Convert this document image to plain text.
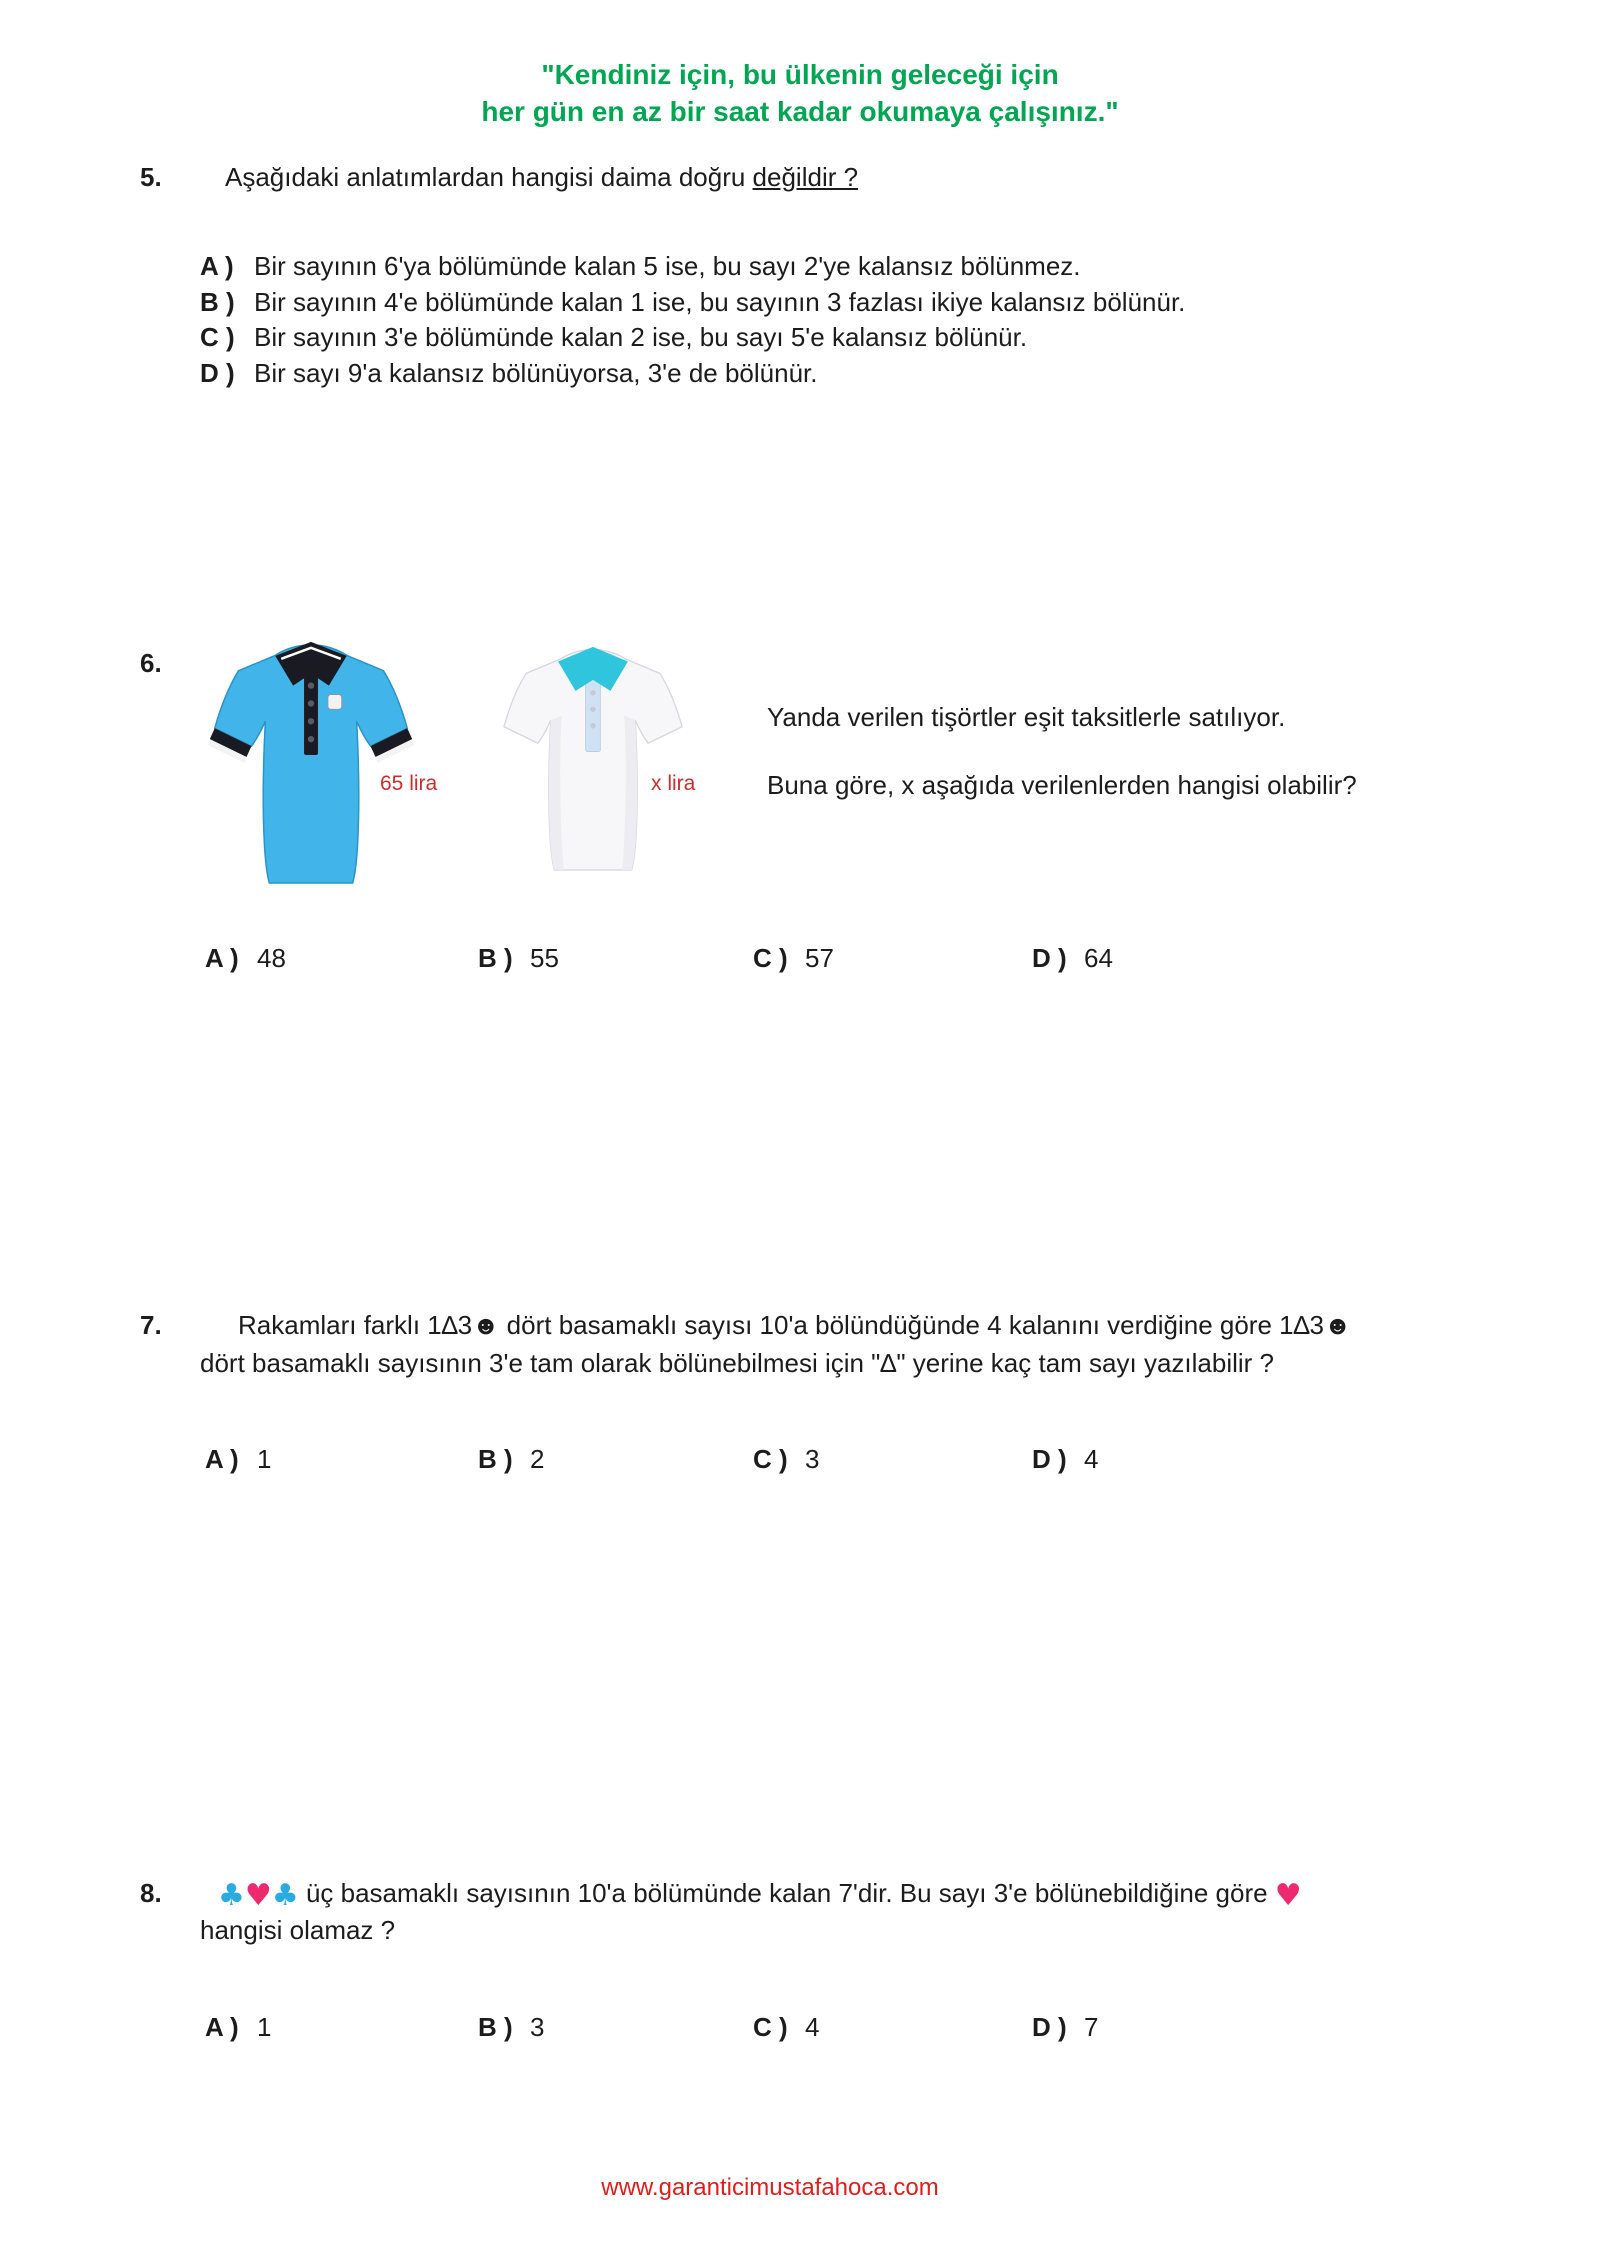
"Kendiniz için, bu ülkenin geleceği için
her gün en az bir saat kadar okumaya çalışınız."
5. Aşağıdaki anlatımlardan hangisi daima doğru değildir ?
A ) Bir sayının 6'ya bölümünde kalan 5 ise, bu sayı 2'ye kalansız bölünmez.
B ) Bir sayının 4'e bölümünde kalan 1 ise, bu sayının 3 fazlası ikiye kalansız bölünür.
C ) Bir sayının 3'e bölümünde kalan 2 ise, bu sayı 5'e kalansız bölünür.
D ) Bir sayı 9'a kalansız bölünüyorsa, 3'e de bölünür.
6.
65 lira	x lira
Yanda verilen tişörtler eşit taksitlerle satılıyor.
Buna göre, x aşağıda verilenlerden hangisi olabilir?
A ) 48	B ) 55	C ) 57	D ) 64
7.	Rakamları farklı 1∆3☻ dört basamaklı sayısı 10'a bölündüğünde 4 kalanını verdiğine göre 1∆3☻
dört basamaklı sayısının 3'e tam olarak bölünebilmesi için "∆" yerine kaç tam sayı yazılabilir ?
A ) 1	B ) 2	C ) 3	D ) 4
8. ♣♥♣ üç basamaklı sayısının 10'a bölümünde kalan 7'dir. Bu sayı 3'e bölünebildiğine göre ♥
hangisi olamaz ?
A ) 1	B ) 3	C ) 4	D ) 7
www.garanticimustafahoca.com
